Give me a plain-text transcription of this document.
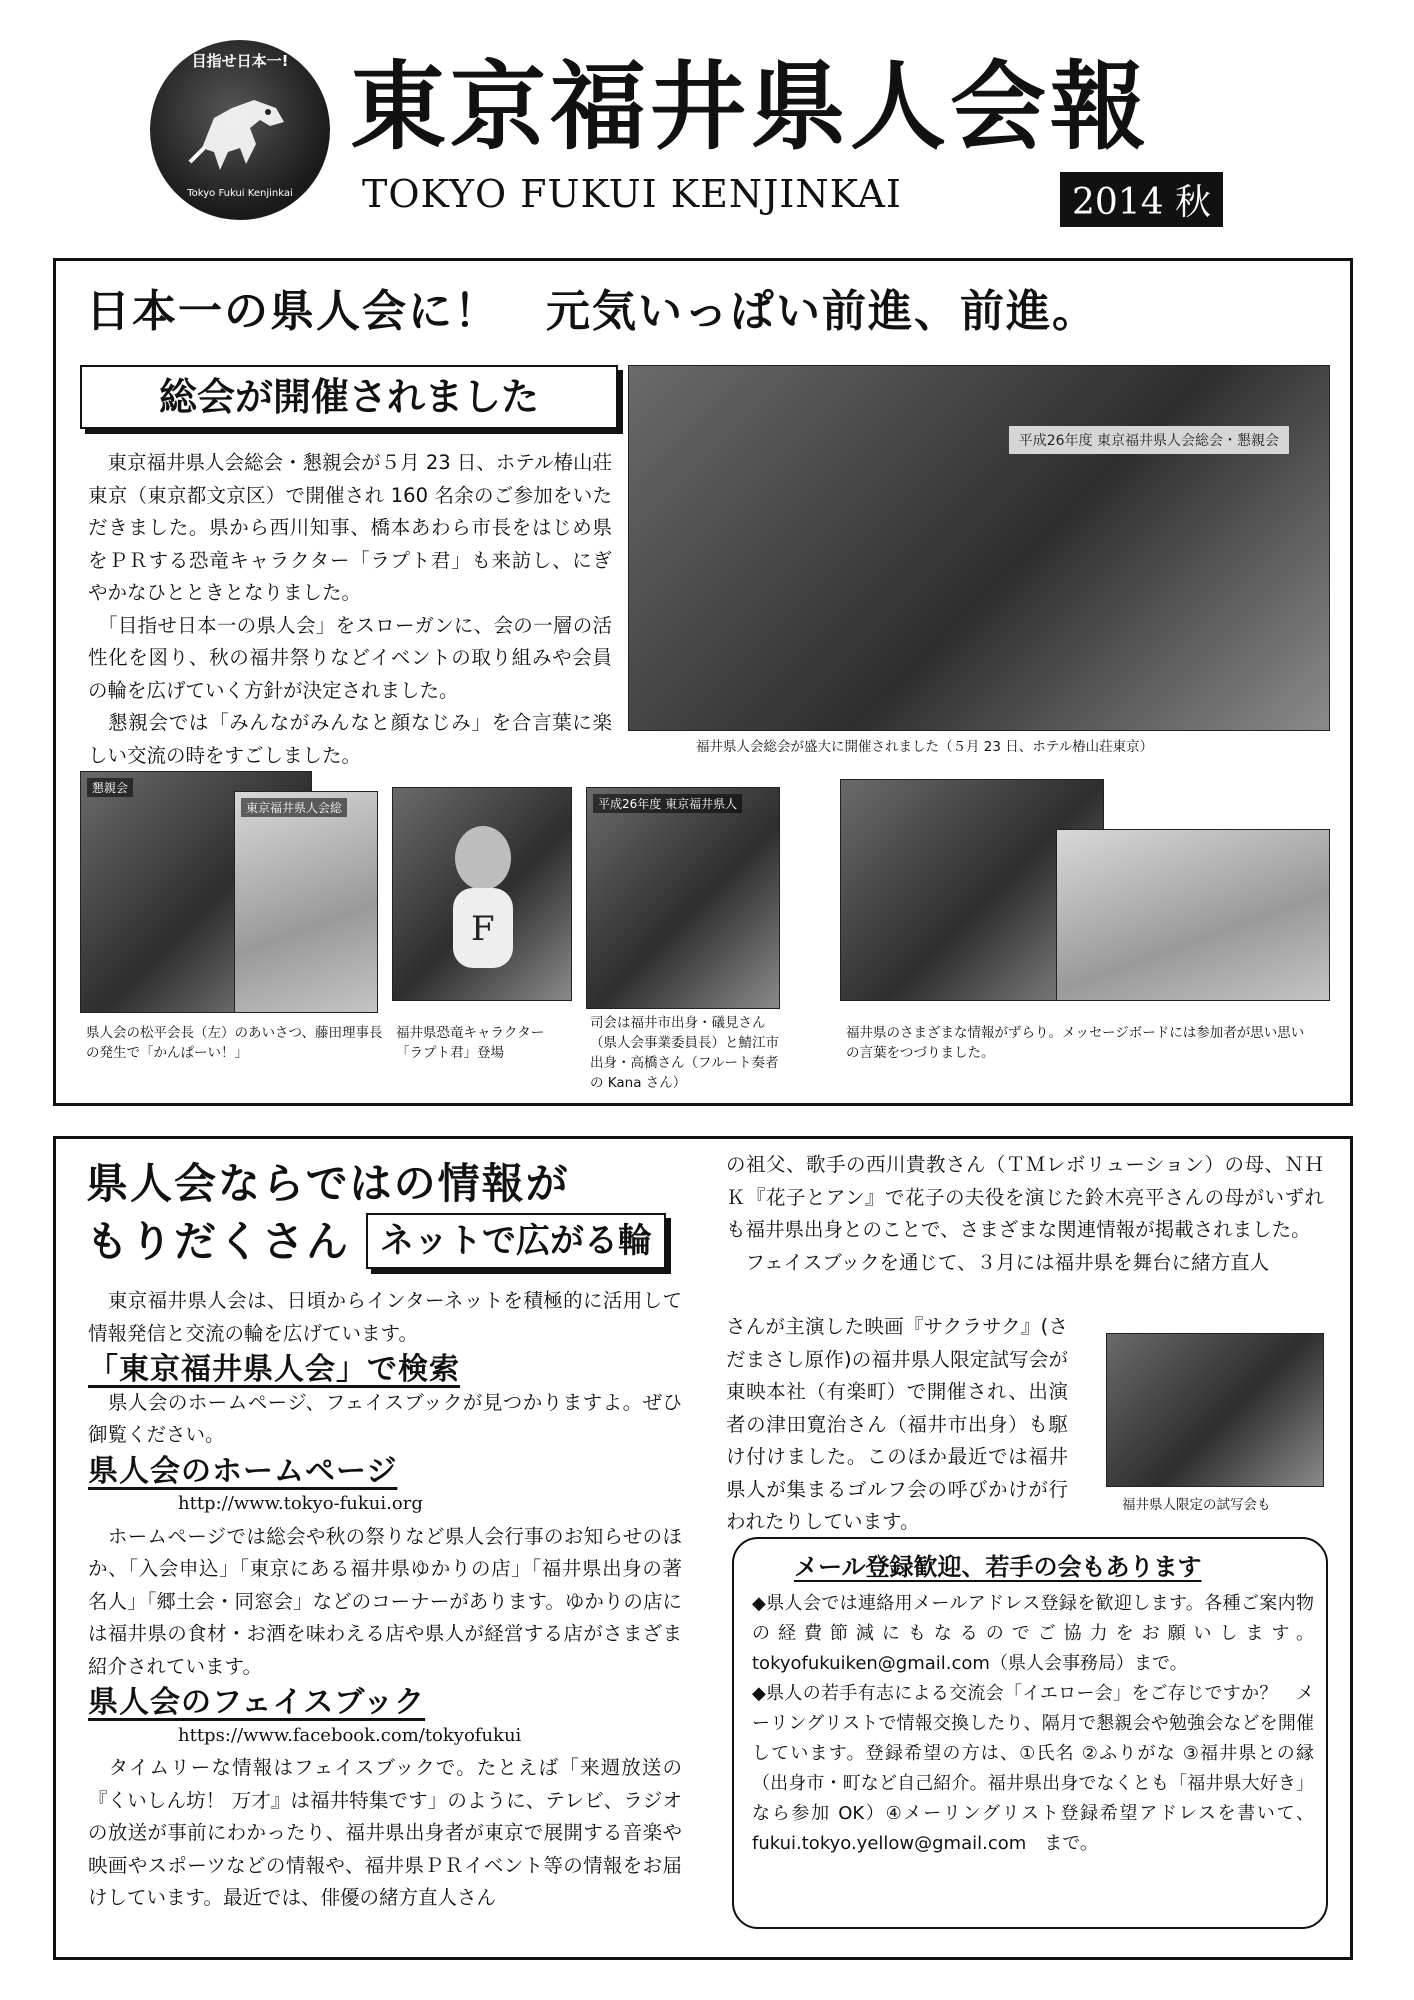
目指せ日本一!
Tokyo Fukui Kenjinkai
東京福井県人会報
TOKYO FUKUI KENJINKAI	2014 秋
日本一の県人会に！　元気いっぱい前進、前進。
総会が開催されました

　東京福井県人会総会・懇親会が５月 23 日、ホテル椿山荘東京（東京都文京区）で開催され 160 名余のご参加をいただきました。県から西川知事、橋本あわら市長をはじめ県をＰＲする恐竜キャラクター「ラプト君」も来訪し、にぎやかなひとときとなりました。

　「目指せ日本一の県人会」をスローガンに、会の一層の活性化を図り、秋の福井祭りなどイベントの取り組みや会員の輪を広げていく方針が決定されました。

　懇親会では「みんながみんなと顔なじみ」を合言葉に楽しい交流の時をすごしました。

平成26年度 東京福井県人会総会・懇親会
福井県人会総会が盛大に開催されました（５月 23 日、ホテル椿山荘東京）
懇親会
東京福井県人会総
県人会の松平会長（左）のあいさつ、藤田理事長の発生で「かんぱーい！」
F
福井県恐竜キャラクター「ラプト君」登場
平成26年度 東京福井県人
司会は福井市出身・礒見さん（県人会事業委員長）と鯖江市出身・高橋さん（フルート奏者の Kana さん）
福井県のさまざまな情報がずらり。メッセージボードには参加者が思い思いの言葉をつづりました。
県人会ならではの情報が
もりだくさん ネットで広がる輪

　東京福井県人会は、日頃からインターネットを積極的に活用して情報発信と交流の輪を広げています。

「東京福井県人会」で検索

　県人会のホームページ、フェイスブックが見つかりますよ。ぜひ御覧ください。

県人会のホームページ

http://www.tokyo-fukui.org

　ホームページでは総会や秋の祭りなど県人会行事のお知らせのほか、「入会申込」「東京にある福井県ゆかりの店」「福井県出身の著名人」「郷土会・同窓会」などのコーナーがあります。ゆかりの店には福井県の食材・お酒を味わえる店や県人が経営する店がさまざま紹介されています。

県人会のフェイスブック

https://www.facebook.com/tokyofukui

　タイムリーな情報はフェイスブックで。たとえば「来週放送の『くいしん坊！ 万才』は福井特集です」のように、テレビ、ラジオの放送が事前にわかったり、福井県出身者が東京で展開する音楽や映画やスポーツなどの情報や、福井県ＰＲイベント等の情報をお届けしています。最近では、俳優の緒方直人さん

の祖父、歌手の西川貴教さん（ＴＭレボリューション）の母、ＮＨＫ『花子とアン』で花子の夫役を演じた鈴木亮平さんの母がいずれも福井県出身とのことで、さまざまな関連情報が掲載されました。

　フェイスブックを通じて、３月には福井県を舞台に緒方直人

さんが主演した映画『サクラサク』(さだまさし原作)の福井県人限定試写会が東映本社（有楽町）で開催され、出演者の津田寛治さん（福井市出身）も駆け付けました。このほか最近では福井県人が集まるゴルフ会の呼びかけが行われたりしています。

福井県人限定の試写会も
メール登録歓迎、若手の会もあります

◆県人会では連絡用メールアドレス登録を歓迎します。各種ご案内物の経費節減にもなるのでご協力をお願いします。tokyofukuiken@gmail.com（県人会事務局）まで。

◆県人の若手有志による交流会「イエロー会」をご存じですか？　メーリングリストで情報交換したり、隔月で懇親会や勉強会などを開催しています。登録希望の方は、①氏名 ②ふりがな ③福井県との縁（出身市・町など自己紹介。福井県出身でなくとも「福井県大好き」なら参加 OK）④メーリングリスト登録希望アドレスを書いて、fukui.tokyo.yellow@gmail.com　まで。
